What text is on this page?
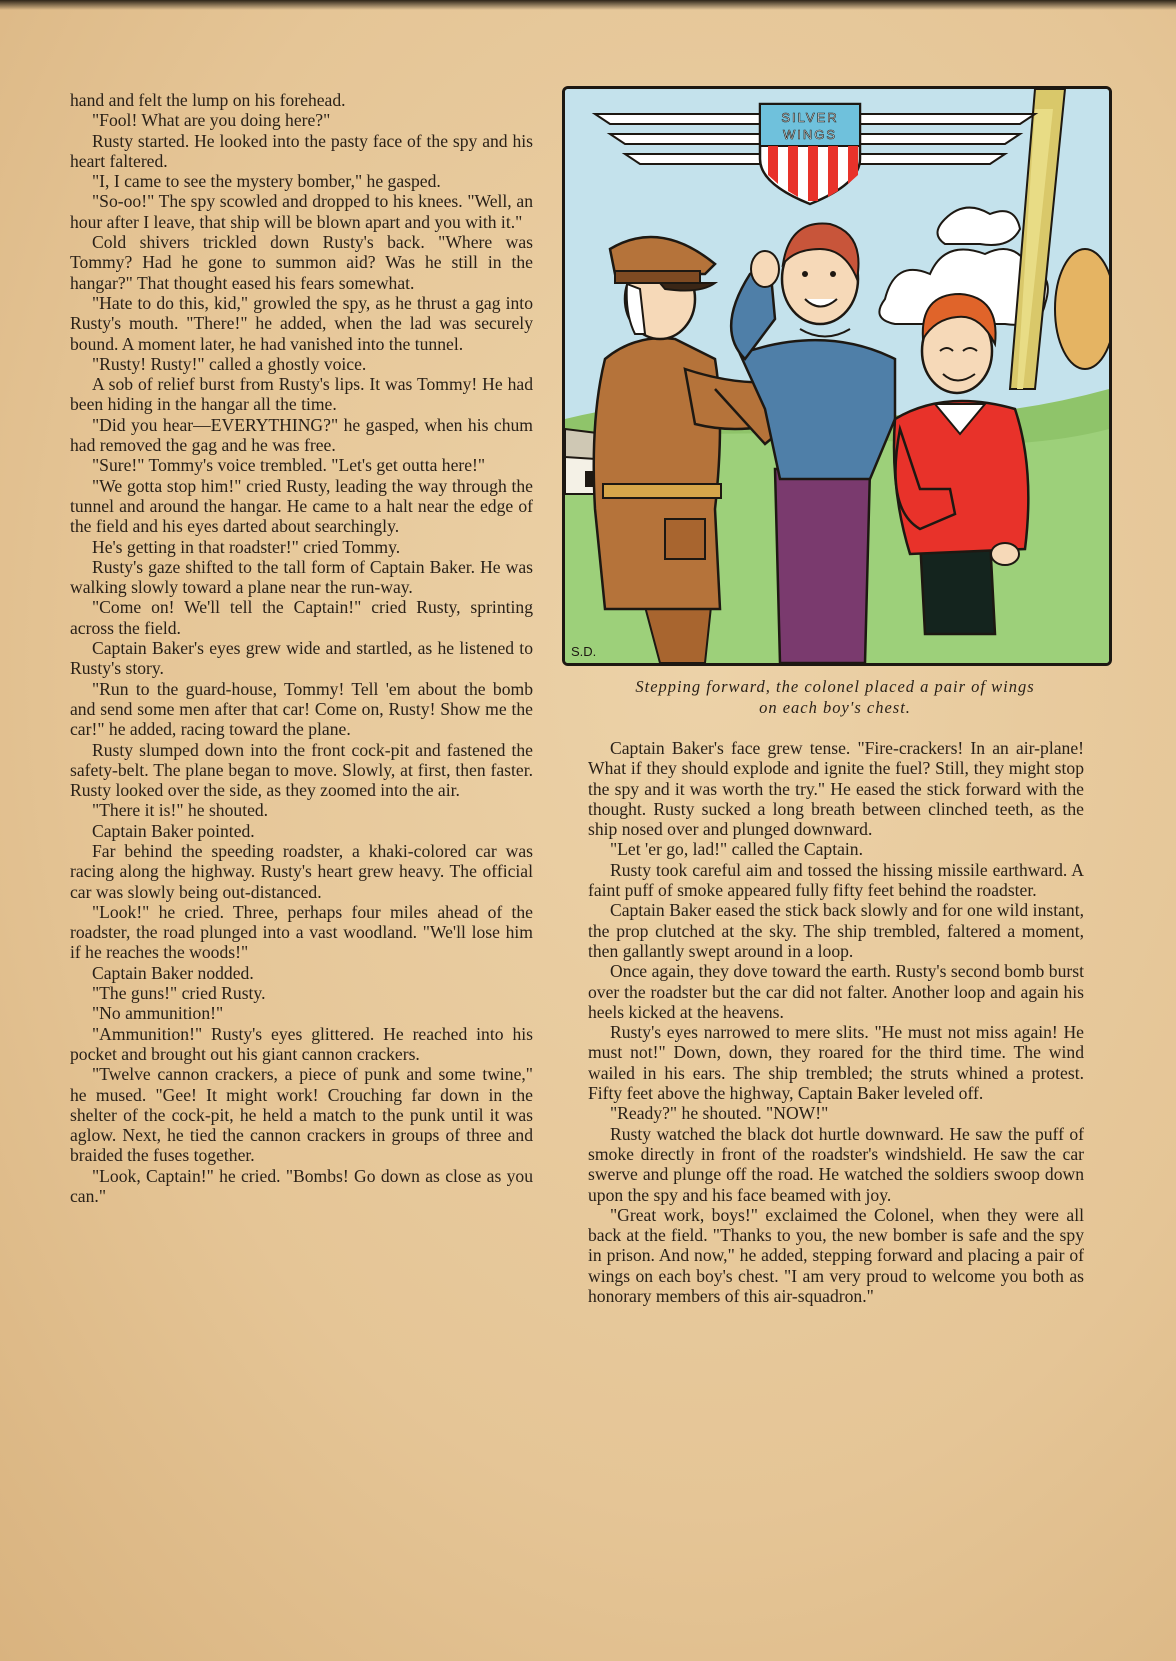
hand and felt the lump on his forehead.

"Fool! What are you doing here?"

Rusty started. He looked into the pasty face of the spy and his heart faltered.

"I, I came to see the mystery bomber," he gasped.

"So-oo!" The spy scowled and dropped to his knees. "Well, an hour after I leave, that ship will be blown apart and you with it."

Cold shivers trickled down Rusty's back. "Where was Tommy? Had he gone to summon aid? Was he still in the hangar?" That thought eased his fears somewhat.

"Hate to do this, kid," growled the spy, as he thrust a gag into Rusty's mouth. "There!" he added, when the lad was securely bound. A moment later, he had vanished into the tunnel.

"Rusty! Rusty!" called a ghostly voice.

A sob of relief burst from Rusty's lips. It was Tommy! He had been hiding in the hangar all the time.

"Did you hear—EVERYTHING?" he gasped, when his chum had removed the gag and he was free.

"Sure!" Tommy's voice trembled. "Let's get outta here!"

"We gotta stop him!" cried Rusty, leading the way through the tunnel and around the hangar. He came to a halt near the edge of the field and his eyes darted about searchingly.

He's getting in that roadster!" cried Tommy.

Rusty's gaze shifted to the tall form of Captain Baker. He was walking slowly toward a plane near the run-way.

"Come on! We'll tell the Captain!" cried Rusty, sprinting across the field.

Captain Baker's eyes grew wide and startled, as he listened to Rusty's story.

"Run to the guard-house, Tommy! Tell 'em about the bomb and send some men after that car! Come on, Rusty! Show me the car!" he added, racing toward the plane.

Rusty slumped down into the front cock-pit and fastened the safety-belt. The plane began to move. Slowly, at first, then faster. Rusty looked over the side, as they zoomed into the air.

"There it is!" he shouted.

Captain Baker pointed.

Far behind the speeding roadster, a khaki-colored car was racing along the highway. Rusty's heart grew heavy. The official car was slowly being out-distanced.

"Look!" he cried. Three, perhaps four miles ahead of the roadster, the road plunged into a vast woodland. "We'll lose him if he reaches the woods!"

Captain Baker nodded.

"The guns!" cried Rusty.

"No ammunition!"

"Ammunition!" Rusty's eyes glittered. He reached into his pocket and brought out his giant cannon crackers.

"Twelve cannon crackers, a piece of punk and some twine," he mused. "Gee! It might work! Crouching far down in the shelter of the cock-pit, he held a match to the punk until it was aglow. Next, he tied the cannon crackers in groups of three and braided the fuses together.

"Look, Captain!" he cried. "Bombs! Go down as close as you can."

SILVER
WINGS
S.D.
Stepping forward, the colonel placed a pair of wings
on each boy's chest.

Captain Baker's face grew tense. "Fire-crackers! In an air-plane! What if they should explode and ignite the fuel? Still, they might stop the spy and it was worth the try." He eased the stick forward with the thought. Rusty sucked a long breath between clinched teeth, as the ship nosed over and plunged downward.

"Let 'er go, lad!" called the Captain.

Rusty took careful aim and tossed the hissing missile earthward. A faint puff of smoke appeared fully fifty feet behind the roadster.

Captain Baker eased the stick back slowly and for one wild instant, the prop clutched at the sky. The ship trembled, faltered a moment, then gallantly swept around in a loop.

Once again, they dove toward the earth. Rusty's second bomb burst over the roadster but the car did not falter. Another loop and again his heels kicked at the heavens.

Rusty's eyes narrowed to mere slits. "He must not miss again! He must not!" Down, down, they roared for the third time. The wind wailed in his ears. The ship trembled; the struts whined a protest. Fifty feet above the highway, Captain Baker leveled off.

"Ready?" he shouted. "NOW!"

Rusty watched the black dot hurtle downward. He saw the puff of smoke directly in front of the roadster's windshield. He saw the car swerve and plunge off the road. He watched the soldiers swoop down upon the spy and his face beamed with joy.

"Great work, boys!" exclaimed the Colonel, when they were all back at the field. "Thanks to you, the new bomber is safe and the spy in prison. And now," he added, stepping forward and placing a pair of wings on each boy's chest. "I am very proud to welcome you both as honorary members of this air-squadron."
